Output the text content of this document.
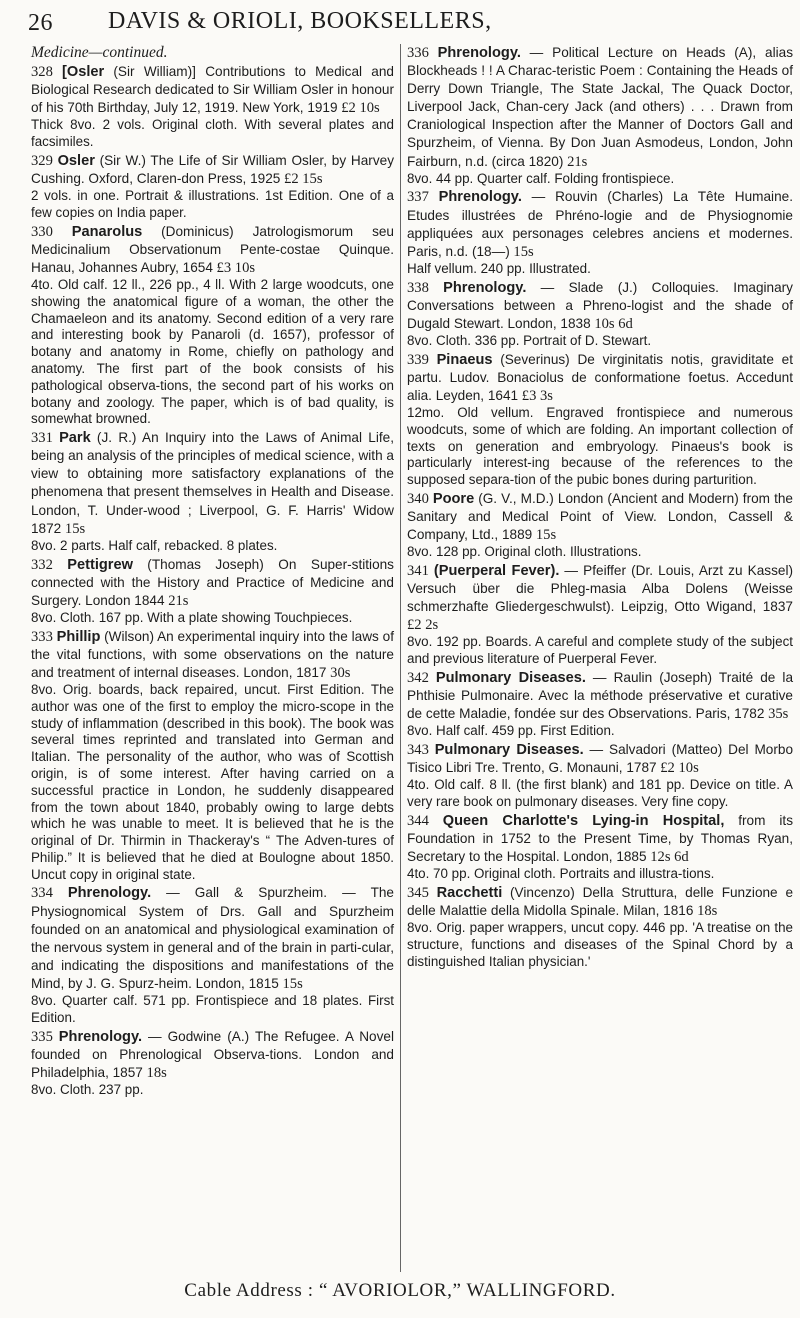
26 DAVIS & ORIOLI, BOOKSELLERS,
Medicine—continued.
328 [Osler (Sir William)] Contributions to Medical and Biological Research dedicated to Sir William Osler in honour of his 70th Birthday, July 12, 1919. New York, 1919 £2 10s
Thick 8vo. 2 vols. Original cloth. With several plates and facsimiles.
329 Osler (Sir W.) The Life of Sir William Osler, by Harvey Cushing. Oxford, Claren-don Press, 1925 £2 15s
2 vols. in one. Portrait & illustrations. 1st Edition. One of a few copies on India paper.
330 Panarolus (Dominicus) Jatrologismorum seu Medicinalium Observationum Pente-costae Quinque. Hanau, Johannes Aubry, 1654 £3 10s
4to. Old calf. 12 ll., 226 pp., 4 ll. With 2 large woodcuts, one showing the anatomical figure of a woman, the other the Chamaeleon and its anatomy. Second edition of a very rare and interesting book by Panaroli (d. 1657), professor of botany and anatomy in Rome, chiefly on pathology and anatomy. The first part of the book consists of his pathological observa-tions, the second part of his works on botany and zoology. The paper, which is of bad quality, is somewhat browned.
331 Park (J. R.) An Inquiry into the Laws of Animal Life, being an analysis of the principles of medical science, with a view to obtaining more satisfactory explanations of the phenomena that present themselves in Health and Disease. London, T. Under-wood ; Liverpool, G. F. Harris' Widow 1872 15s
8vo. 2 parts. Half calf, rebacked. 8 plates.
332 Pettigrew (Thomas Joseph) On Super-stitions connected with the History and Practice of Medicine and Surgery. London 1844 21s
8vo. Cloth. 167 pp. With a plate showing Touchpieces.
333 Phillip (Wilson) An experimental inquiry into the laws of the vital functions, with some observations on the nature and treatment of internal diseases. London, 1817 30s
8vo. Orig. boards, back repaired, uncut. First Edition. The author was one of the first to employ the micro-scope in the study of inflammation (described in this book). The book was several times reprinted and translated into German and Italian. The personality of the author, who was of Scottish origin, is of some interest. After having carried on a successful practice in London, he suddenly disappeared from the town about 1840, probably owing to large debts which he was unable to meet. It is believed that he is the original of Dr. Thirmin in Thackeray's “ The Adven-tures of Philip.” It is believed that he died at Boulogne about 1850. Uncut copy in original state.
334 Phrenology. — Gall & Spurzheim. — The Physiognomical System of Drs. Gall and Spurzheim founded on an anatomical and physiological examination of the nervous system in general and of the brain in parti-cular, and indicating the dispositions and manifestations of the Mind, by J. G. Spurz-heim. London, 1815 15s
8vo. Quarter calf. 571 pp. Frontispiece and 18 plates. First Edition.
335 Phrenology. — Godwine (A.) The Refugee. A Novel founded on Phrenological Observa-tions. London and Philadelphia, 1857 18s
8vo. Cloth. 237 pp.
336 Phrenology. — Political Lecture on Heads (A), alias Blockheads ! ! A Charac-teristic Poem : Containing the Heads of Derry Down Triangle, The State Jackal, The Quack Doctor, Liverpool Jack, Chan-cery Jack (and others) . . . Drawn from Craniological Inspection after the Manner of Doctors Gall and Spurzheim, of Vienna. By Don Juan Asmodeus, London, John Fairburn, n.d. (circa 1820) 21s
8vo. 44 pp. Quarter calf. Folding frontispiece.
337 Phrenology. — Rouvin (Charles) La Tête Humaine. Etudes illustrées de Phréno-logie and de Physiognomie appliquées aux personages celebres anciens et modernes. Paris, n.d. (18—) 15s
Half vellum. 240 pp. Illustrated.
338 Phrenology. — Slade (J.) Colloquies. Imaginary Conversations between a Phreno-logist and the shade of Dugald Stewart. London, 1838 10s 6d
8vo. Cloth. 336 pp. Portrait of D. Stewart.
339 Pinaeus (Severinus) De virginitatis notis, graviditate et partu. Ludov. Bonaciolus de conformatione foetus. Accedunt alia. Leyden, 1641 £3 3s
12mo. Old vellum. Engraved frontispiece and numerous woodcuts, some of which are folding. An important collection of texts on generation and embryology. Pinaeus's book is particularly interest-ing because of the references to the supposed separa-tion of the pubic bones during parturition.
340 Poore (G. V., M.D.) London (Ancient and Modern) from the Sanitary and Medical Point of View. London, Cassell & Company, Ltd., 1889 15s
8vo. 128 pp. Original cloth. Illustrations.
341 (Puerperal Fever). — Pfeiffer (Dr. Louis, Arzt zu Kassel) Versuch über die Phleg-masia Alba Dolens (Weisse schmerzhafte Gliedergeschwulst). Leipzig, Otto Wigand, 1837 £2 2s
8vo. 192 pp. Boards. A careful and complete study of the subject and previous literature of Puerperal Fever.
342 Pulmonary Diseases. — Raulin (Joseph) Traité de la Phthisie Pulmonaire. Avec la méthode préservative et curative de cette Maladie, fondée sur des Observations. Paris, 1782 35s
8vo. Half calf. 459 pp. First Edition.
343 Pulmonary Diseases. — Salvadori (Matteo) Del Morbo Tisico Libri Tre. Trento, G. Monauni, 1787 £2 10s
4to. Old calf. 8 ll. (the first blank) and 181 pp. Device on title. A very rare book on pulmonary diseases. Very fine copy.
344 Queen Charlotte's Lying-in Hospital, from its Foundation in 1752 to the Present Time, by Thomas Ryan, Secretary to the Hospital. London, 1885 12s 6d
4to. 70 pp. Original cloth. Portraits and illustra-tions.
345 Racchetti (Vincenzo) Della Struttura, delle Funzione e delle Malattie della Midolla Spinale. Milan, 1816 18s
8vo. Orig. paper wrappers, uncut copy. 446 pp. 'A treatise on the structure, functions and diseases of the Spinal Chord by a distinguished Italian physician.'
Cable Address : “ AVORIOLOR,” WALLINGFORD.
